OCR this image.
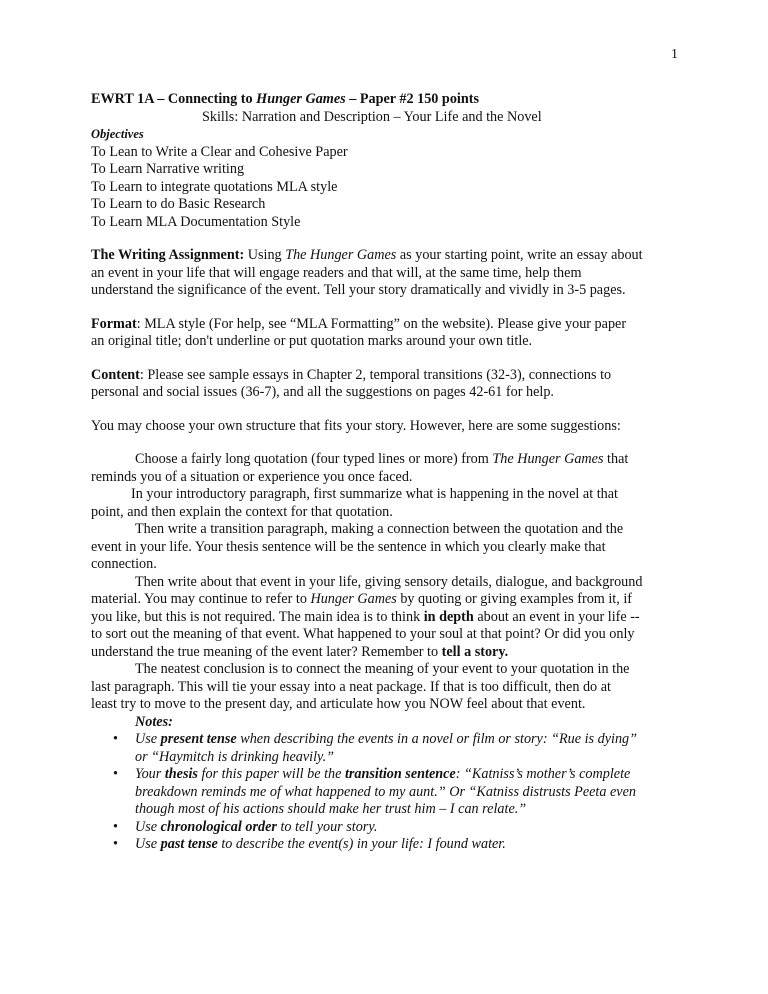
1
EWRT 1A – Connecting to Hunger Games – Paper #2 150 points
Skills: Narration and Description – Your Life and the Novel
Objectives
To Lean to Write a Clear and Cohesive Paper
To Learn Narrative writing
To Learn to integrate quotations MLA style
To Learn to do Basic Research
To Learn MLA Documentation Style
The Writing Assignment: Using The Hunger Games as your starting point, write an essay about
an event in your life that will engage readers and that will, at the same time, help them
understand the significance of the event. Tell your story dramatically and vividly in 3-5 pages.
Format: MLA style (For help, see “MLA Formatting” on the website). Please give your paper
an original title; don't underline or put quotation marks around your own title.
Content: Please see sample essays in Chapter 2, temporal transitions (32-3), connections to
personal and social issues (36-7), and all the suggestions on pages 42-61 for help.
You may choose your own structure that fits your story. However, here are some suggestions:
Choose a fairly long quotation (four typed lines or more) from The Hunger Games that
reminds you of a situation or experience you once faced.
In your introductory paragraph, first summarize what is happening in the novel at that
point, and then explain the context for that quotation.
Then write a transition paragraph, making a connection between the quotation and the
event in your life. Your thesis sentence will be the sentence in which you clearly make that
connection.
Then write about that event in your life, giving sensory details, dialogue, and background
material. You may continue to refer to Hunger Games by quoting or giving examples from it, if
you like, but this is not required. The main idea is to think in depth about an event in your life --
to sort out the meaning of that event. What happened to your soul at that point? Or did you only
understand the true meaning of the event later? Remember to tell a story.
The neatest conclusion is to connect the meaning of your event to your quotation in the
last paragraph. This will tie your essay into a neat package. If that is too difficult, then do at
least try to move to the present day, and articulate how you NOW feel about that event.
Notes:
• Use present tense when describing the events in a novel or film or story: “Rue is dying”
or “Haymitch is drinking heavily.”
• Your thesis for this paper will be the transition sentence: “Katniss’s mother’s complete
breakdown reminds me of what happened to my aunt.” Or “Katniss distrusts Peeta even
though most of his actions should make her trust him – I can relate.”
• Use chronological order to tell your story.
• Use past tense to describe the event(s) in your life: I found water.
